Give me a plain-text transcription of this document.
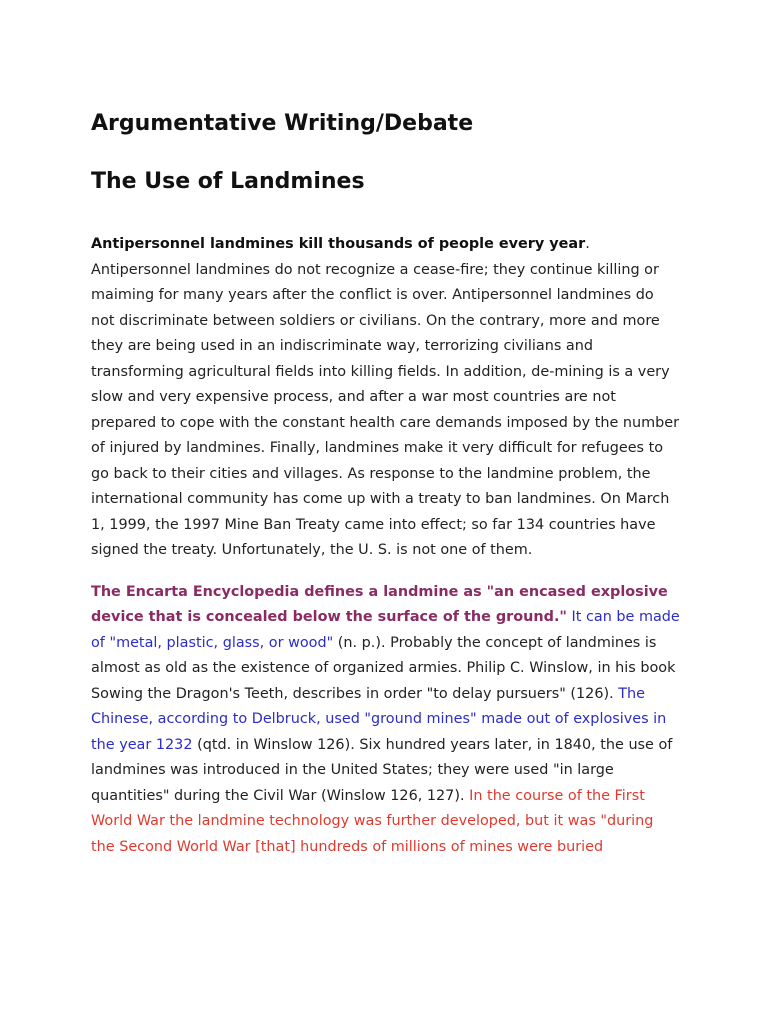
Argumentative Writing/Debate
The Use of Landmines

Antipersonnel landmines kill thousands of people every year. Antipersonnel landmines do not recognize a cease-fire; they continue killing or maiming for many years after the conflict is over. Antipersonnel landmines do not discriminate between soldiers or civilians. On the contrary, more and more they are being used in an indiscriminate way, terrorizing civilians and transforming agricultural fields into killing fields. In addition, de-mining is a very slow and very expensive process, and after a war most countries are not prepared to cope with the constant health care demands imposed by the number of injured by landmines. Finally, landmines make it very difficult for refugees to go back to their cities and villages. As response to the landmine problem, the international community has come up with a treaty to ban landmines. On March 1, 1999, the 1997 Mine Ban Treaty came into effect; so far 134 countries have signed the treaty. Unfortunately, the U. S. is not one of them.

The Encarta Encyclopedia defines a landmine as "an encased explosive device that is concealed below the surface of the ground." It can be made of "metal, plastic, glass, or wood" (n. p.). Probably the concept of landmines is almost as old as the existence of organized armies. Philip C. Winslow, in his book Sowing the Dragon's Teeth, describes in order "to delay pursuers" (126). The Chinese, according to Delbruck, used "ground mines" made out of explosives in the year 1232 (qtd. in Winslow 126). Six hundred years later, in 1840, the use of landmines was introduced in the United States; they were used "in large quantities" during the Civil War (Winslow 126, 127). In the course of the First World War the landmine technology was further developed, but it was "during the Second World War [that] hundreds of millions of mines were buried
